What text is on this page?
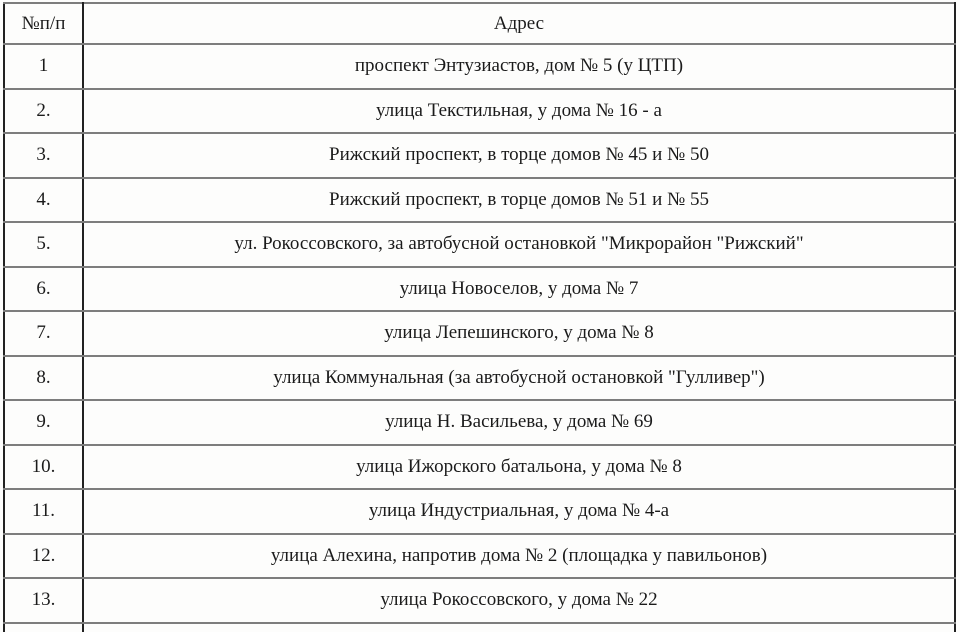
№п/п	Адрес
1	проспект Энтузиастов, дом № 5 (у ЦТП)
2.	улица Текстильная, у дома № 16 - а
3.	Рижский проспект, в торце домов № 45 и № 50
4.	Рижский проспект, в торце домов № 51 и № 55
5.	ул. Рокоссовского, за автобусной остановкой "Микрорайон "Рижский"
6.	улица Новоселов, у дома № 7
7.	улица Лепешинского, у дома № 8
8.	улица Коммунальная (за автобусной остановкой "Гулливер")
9.	улица Н. Васильева, у дома № 69
10.	улица Ижорского батальона, у дома № 8
11.	улица Индустриальная, у дома № 4-а
12.	улица Алехина, напротив дома № 2 (площадка у павильонов)
13.	улица Рокоссовского, у дома № 22
